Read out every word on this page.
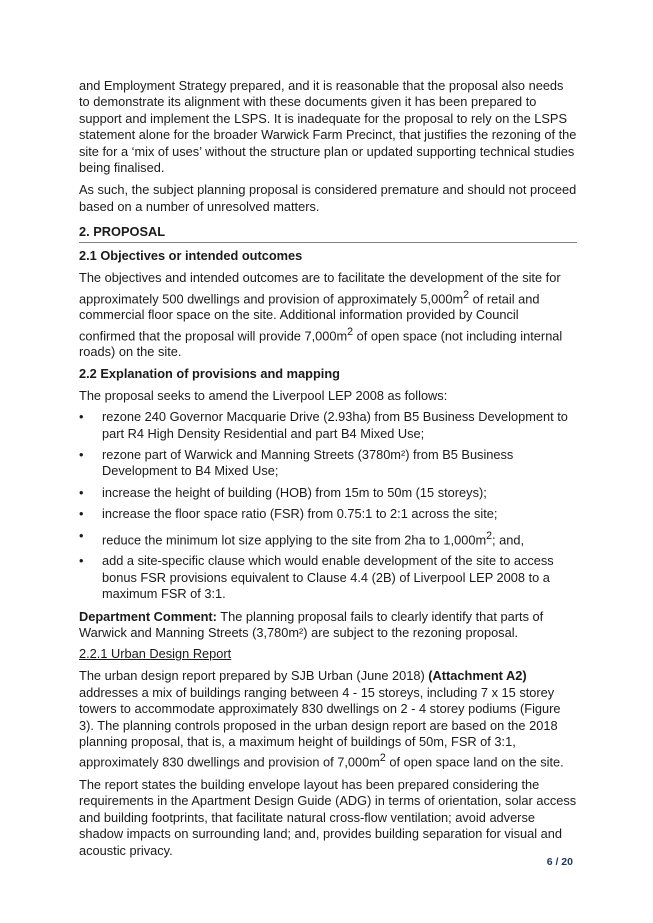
and Employment Strategy prepared, and it is reasonable that the proposal also needs to demonstrate its alignment with these documents given it has been prepared to support and implement the LSPS. It is inadequate for the proposal to rely on the LSPS statement alone for the broader Warwick Farm Precinct, that justifies the rezoning of the site for a ‘mix of uses’ without the structure plan or updated supporting technical studies being finalised.

As such, the subject planning proposal is considered premature and should not proceed based on a number of unresolved matters.

2. PROPOSAL
2.1 Objectives or intended outcomes

The objectives and intended outcomes are to facilitate the development of the site for approximately 500 dwellings and provision of approximately $5,000m^2$ of retail and commercial floor space on the site. Additional information provided by Council confirmed that the proposal will provide $7,000m^2$ of open space (not including internal roads) on the site.

2.2 Explanation of provisions and mapping

The proposal seeks to amend the Liverpool LEP 2008 as follows:

• rezone 240 Governor Macquarie Drive (2.93ha) from B5 Business Development to part R4 High Density Residential and part B4 Mixed Use;
• rezone part of Warwick and Manning Streets (3780m²) from B5 Business Development to B4 Mixed Use;
• increase the height of building (HOB) from 15m to 50m (15 storeys);
• increase the floor space ratio (FSR) from 0.75:1 to 2:1 across the site;
• reduce the minimum lot size applying to the site from 2ha to $1,000m^2$; and,
• add a site-specific clause which would enable development of the site to access bonus FSR provisions equivalent to Clause 4.4 (2B) of Liverpool LEP 2008 to a maximum FSR of 3:1.

Department Comment: The planning proposal fails to clearly identify that parts of Warwick and Manning Streets (3,780m²) are subject to the rezoning proposal.

2.2.1 Urban Design Report

The urban design report prepared by SJB Urban (June 2018) (Attachment A2) addresses a mix of buildings ranging between 4 - 15 storeys, including 7 x 15 storey towers to accommodate approximately 830 dwellings on 2 - 4 storey podiums (Figure 3). The planning controls proposed in the urban design report are based on the 2018 planning proposal, that is, a maximum height of buildings of 50m, FSR of 3:1, approximately 830 dwellings and provision of $7,000m^2$ of open space land on the site.

The report states the building envelope layout has been prepared considering the requirements in the Apartment Design Guide (ADG) in terms of orientation, solar access and building footprints, that facilitate natural cross-flow ventilation; avoid adverse shadow impacts on surrounding land; and, provides building separation for visual and acoustic privacy.

6 / 20
